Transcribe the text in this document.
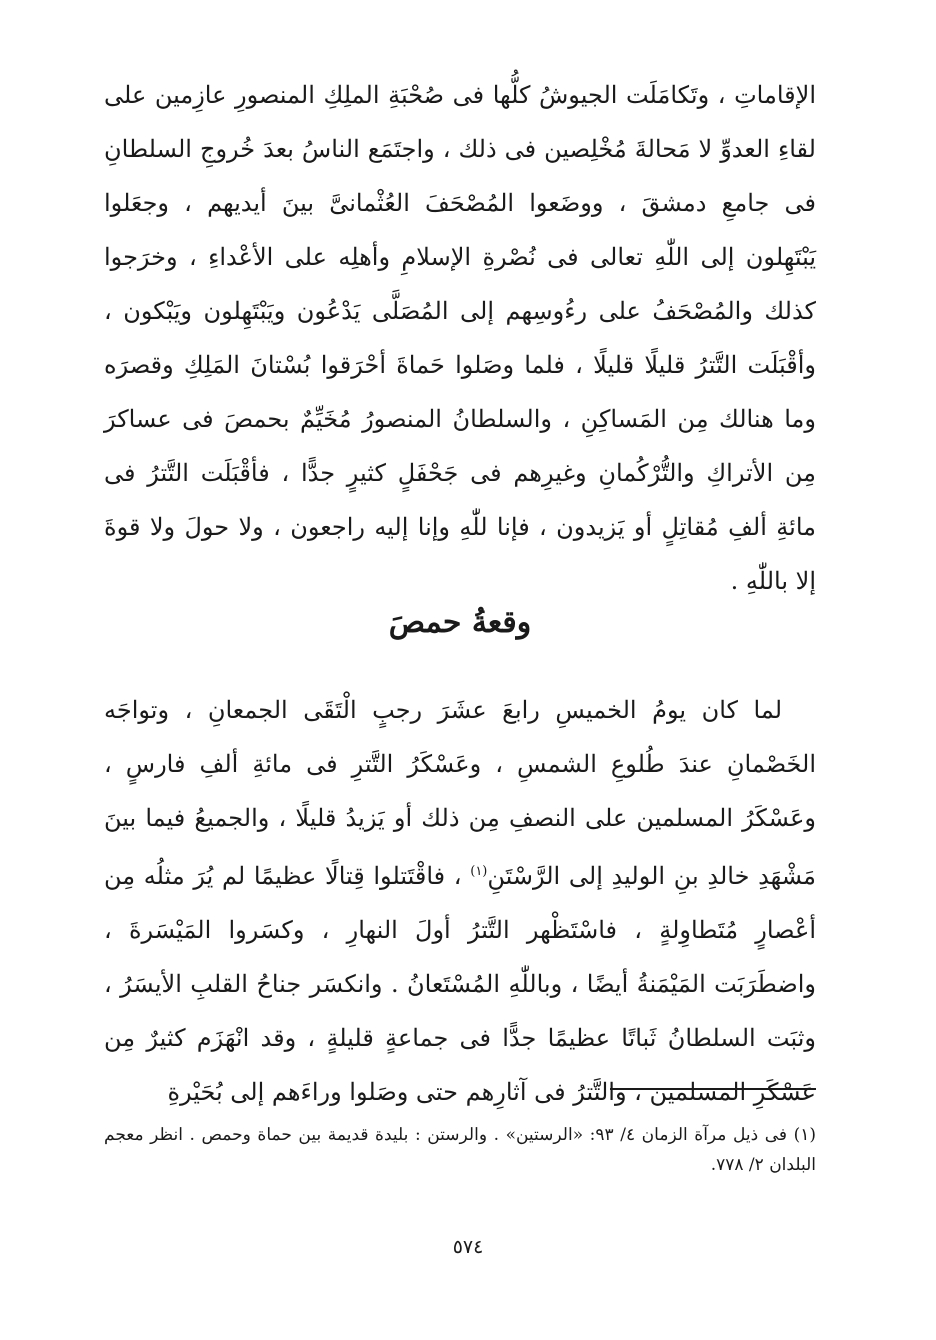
الإقاماتِ ، وتَكامَلَت الجيوشُ كلُّها فى صُحْبَةِ الملِكِ المنصورِ عازِمين على لقاءِ العدوِّ لا مَحالةَ مُخْلِصين فى ذلك ، واجتَمَع الناسُ بعدَ خُروجِ السلطانِ فى جامعِ دمشقَ ، ووضَعوا المُصْحَفَ العُثْمانىَّ بينَ أيديهم ، وجعَلوا يَبْتَهِلون إلى اللّٰهِ تعالى فى نُصْرةِ الإسلامِ وأهلِه على الأعْداءِ ، وخرَجوا كذلك والمُصْحَفُ على رءُوسِهم إلى المُصَلَّى يَدْعُون ويَبْتَهِلون ويَبْكون ، وأقْبَلَت التَّترُ قليلًا قليلًا ، فلما وصَلوا حَماةَ أحْرَقوا بُسْتانَ المَلِكِ وقصرَه وما هنالك مِن المَساكِنِ ، والسلطانُ المنصورُ مُخَيِّمٌ بحمصَ فى عساكرَ مِن الأتراكِ والتُّرْكُمانِ وغيرِهم فى جَحْفَلٍ كثيرٍ جدًّا ، فأقْبَلَت التَّترُ فى مائةِ ألفِ مُقاتِلٍ أو يَزيدون ، فإنا للّٰهِ وإنا إليه راجعون ، ولا حولَ ولا قوةَ إلا باللّٰهِ .

وقعةُ حمصَ

لما كان يومُ الخميسِ رابعَ عشَرَ رجبٍ الْتَقَى الجمعانِ ، وتواجَه الخَصْمانِ عندَ طُلوعِ الشمسِ ، وعَسْكَرُ التَّترِ فى مائةِ ألفِ فارسٍ ، وعَسْكَرُ المسلمين على النصفِ مِن ذلك أو يَزيدُ قليلًا ، والجميعُ فيما بينَ مَشْهَدِ خالدِ بنِ الوليدِ إلى الرَّسْتَنِ$^{(١)}$ ، فاقْتَتلوا قِتالًا عظيمًا لم يُرَ مثلُه مِن أعْصارٍ مُتَطاوِلةٍ ، فاسْتَظْهر التَّترُ أولَ النهارِ ، وكسَروا المَيْسَرةَ ، واضطَرَبَت المَيْمَنةُ أيضًا ، وباللّٰهِ المُسْتَعانُ . وانكسَر جناحُ القلبِ الأيسَرُ ، وثبَت السلطانُ ثَباتًا عظيمًا جدًّا فى جماعةٍ قليلةٍ ، وقد انْهَزَم كثيرٌ مِن عَسْكَرِ المسلمين ، والتَّترُ فى آثارِهم حتى وصَلوا وراءَهم إلى بُحَيْرةِ

(١) فى ذيل مرآة الزمان ٤/ ٩٣: «الرستين» . والرستن : بليدة قديمة بين حماة وحمص . انظر معجم البلدان ٢/ ٧٧٨.

٥٧٤
